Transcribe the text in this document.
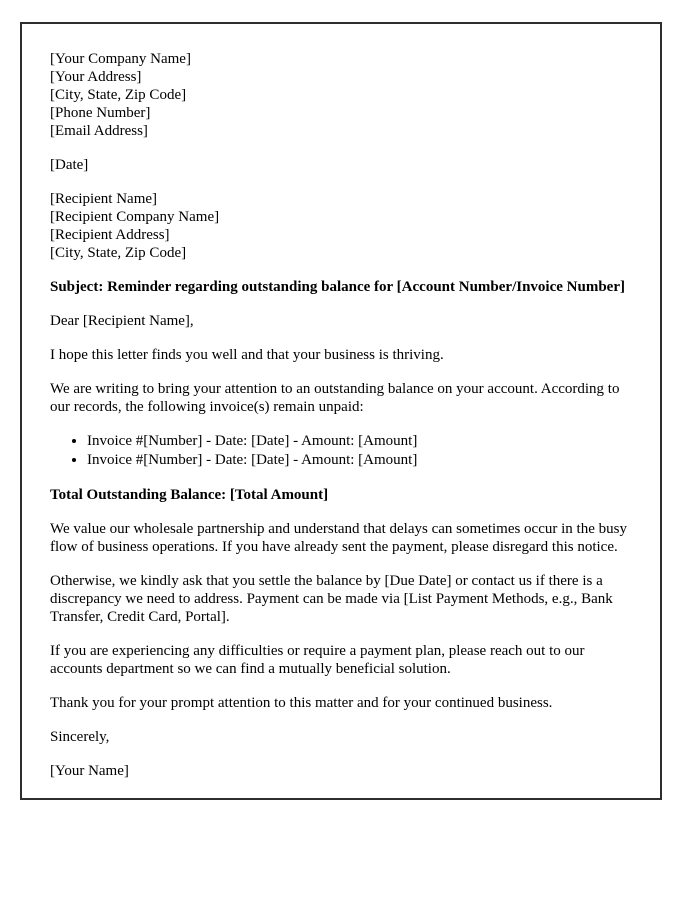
[Your Company Name]
[Your Address]
[City, State, Zip Code]
[Phone Number]
[Email Address]
[Date]
[Recipient Name]
[Recipient Company Name]
[Recipient Address]
[City, State, Zip Code]
Subject: Reminder regarding outstanding balance for [Account Number/Invoice Number]
Dear [Recipient Name],
I hope this letter finds you well and that your business is thriving.
We are writing to bring your attention to an outstanding balance on your account. According to our records, the following invoice(s) remain unpaid:
• Invoice #[Number] - Date: [Date] - Amount: [Amount]
• Invoice #[Number] - Date: [Date] - Amount: [Amount]
Total Outstanding Balance: [Total Amount]
We value our wholesale partnership and understand that delays can sometimes occur in the busy flow of business operations. If you have already sent the payment, please disregard this notice.
Otherwise, we kindly ask that you settle the balance by [Due Date] or contact us if there is a discrepancy we need to address. Payment can be made via [List Payment Methods, e.g., Bank Transfer, Credit Card, Portal].
If you are experiencing any difficulties or require a payment plan, please reach out to our accounts department so we can find a mutually beneficial solution.
Thank you for your prompt attention to this matter and for your continued business.
Sincerely,
[Your Name]
